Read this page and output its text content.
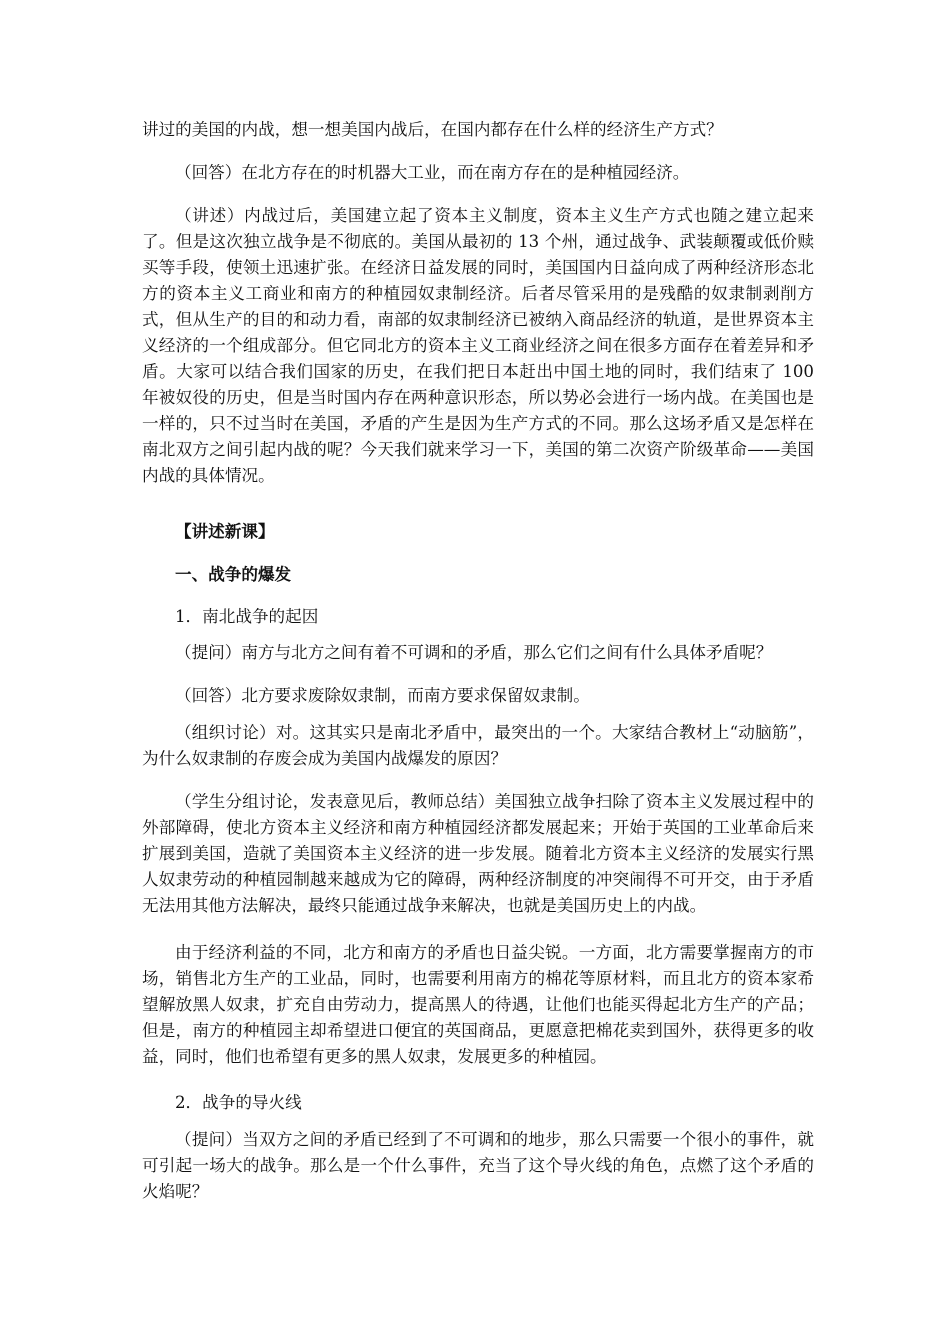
讲过的美国的内战，想一想美国内战后，在国内都存在什么样的经济生产方式？

（回答）在北方存在的时机器大工业，而在南方存在的是种植园经济。

（讲述）内战过后，美国建立起了资本主义制度，资本主义生产方式也随之建立起来了。但是这次独立战争是不彻底的。美国从最初的 13 个州，通过战争、武装颠覆或低价赎买等手段，使领土迅速扩张。在经济日益发展的同时，美国国内日益向成了两种经济形态北方的资本主义工商业和南方的种植园奴隶制经济。后者尽管采用的是残酷的奴隶制剥削方式，但从生产的目的和动力看，南部的奴隶制经济已被纳入商品经济的轨道，是世界资本主义经济的一个组成部分。但它同北方的资本主义工商业经济之间在很多方面存在着差异和矛盾。大家可以结合我们国家的历史，在我们把日本赶出中国土地的同时，我们结束了 100 年被奴役的历史，但是当时国内存在两种意识形态，所以势必会进行一场内战。在美国也是一样的，只不过当时在美国，矛盾的产生是因为生产方式的不同。那么这场矛盾又是怎样在南北双方之间引起内战的呢？今天我们就来学习一下，美国的第二次资产阶级革命——美国内战的具体情况。

【讲述新课】

一、战争的爆发

1．南北战争的起因

（提问）南方与北方之间有着不可调和的矛盾，那么它们之间有什么具体矛盾呢？

（回答）北方要求废除奴隶制，而南方要求保留奴隶制。

（组织讨论）对。这其实只是南北矛盾中，最突出的一个。大家结合教材上“动脑筋”，为什么奴隶制的存废会成为美国内战爆发的原因？

（学生分组讨论，发表意见后，教师总结）美国独立战争扫除了资本主义发展过程中的外部障碍，使北方资本主义经济和南方种植园经济都发展起来；开始于英国的工业革命后来扩展到美国，造就了美国资本主义经济的进一步发展。随着北方资本主义经济的发展实行黑人奴隶劳动的种植园制越来越成为它的障碍，两种经济制度的冲突闹得不可开交，由于矛盾无法用其他方法解决，最终只能通过战争来解决，也就是美国历史上的内战。

由于经济利益的不同，北方和南方的矛盾也日益尖锐。一方面，北方需要掌握南方的市场，销售北方生产的工业品，同时，也需要利用南方的棉花等原材料，而且北方的资本家希望解放黑人奴隶，扩充自由劳动力，提高黑人的待遇，让他们也能买得起北方生产的产品；但是，南方的种植园主却希望进口便宜的英国商品，更愿意把棉花卖到国外，获得更多的收益，同时，他们也希望有更多的黑人奴隶，发展更多的种植园。

2．战争的导火线

（提问）当双方之间的矛盾已经到了不可调和的地步，那么只需要一个很小的事件，就可引起一场大的战争。那么是一个什么事件，充当了这个导火线的角色，点燃了这个矛盾的火焰呢？
